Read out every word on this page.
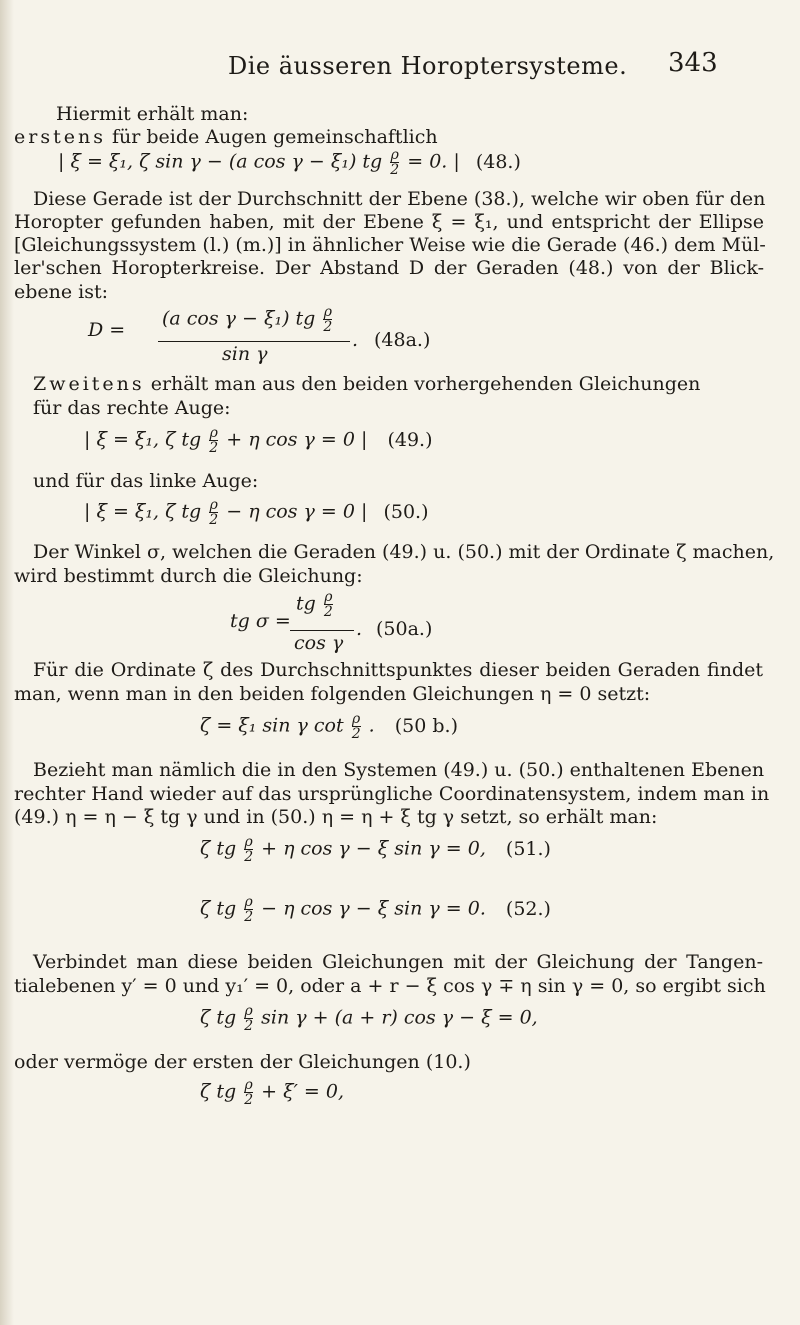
Die äusseren Horoptersysteme. 343
Hiermit erhält man:
erstens für beide Augen gemeinschaftlich
| ξ = ξ₁, ζ sin γ − (a cos γ − ξ₁) tg $\frac{\rho}{2} = 0$. | (48.)
Diese Gerade ist der Durchschnitt der Ebene (38.), welche wir oben für den
Horopter gefunden haben, mit der Ebene ξ = ξ₁, und entspricht der Ellipse
[Gleichungssystem (l.) (m.)] in ähnlicher Weise wie die Gerade (46.) dem Mül-
ler'schen Horopterkreise. Der Abstand D der Geraden (48.) von der Blick-
ebene ist:
D =
(a cos γ − ξ₁) tg $\frac{\rho}{2}$
sin γ
. (48a.)
Zweitens erhält man aus den beiden vorhergehenden Gleichungen
für das rechte Auge:
| ξ = ξ₁, ζ tg $\frac{\rho}{2} + \eta$ cos γ = 0 | (49.)
und für das linke Auge:
| ξ = ξ₁, ζ tg $\frac{\rho}{2} - \eta$ cos γ = 0 | (50.)
Der Winkel σ, welchen die Geraden (49.) u. (50.) mit der Ordinate ζ machen,
wird bestimmt durch die Gleichung:
tg σ =
tg $\frac{\rho}{2}$
cos γ
. (50a.)
Für die Ordinate ζ des Durchschnittspunktes dieser beiden Geraden findet
man, wenn man in den beiden folgenden Gleichungen η = 0 setzt:
ζ = ξ₁ sin γ $\cot \frac{\rho}{2}$ . (50 b.)
Bezieht man nämlich die in den Systemen (49.) u. (50.) enthaltenen Ebenen
rechter Hand wieder auf das ursprüngliche Coordinatensystem, indem man in
(49.) η = η − ξ tg γ und in (50.) η = η + ξ tg γ setzt, so erhält man:
ζ tg $\frac{\rho}{2} + \eta$ cos γ − ξ sin γ = 0, (51.)
ζ tg $\frac{\rho}{2} - \eta$ cos γ − ξ sin γ = 0. (52.)
Verbindet man diese beiden Gleichungen mit der Gleichung der Tangen-
tialebenen y′ = 0 und y₁′ = 0, oder a + r − ξ cos γ ∓ η sin γ = 0, so ergibt sich
ζ tg $\frac{\rho}{2}$ sin γ + (a + r) cos γ − ξ = 0,
oder vermöge der ersten der Gleichungen (10.)
ζ tg $\frac{\rho}{2} + \xi' = 0$,
